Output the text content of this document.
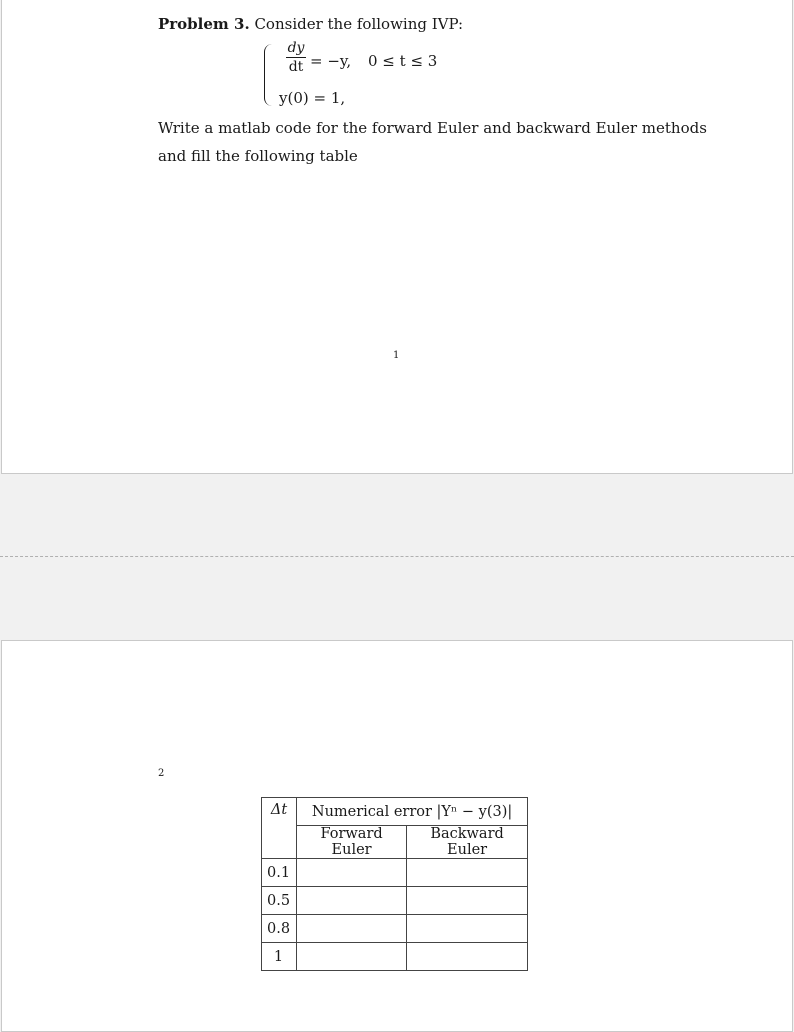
Problem 3. Consider the following IVP:
dy
dt = −y, 0 ≤ t ≤ 3
y(0) = 1,
Write a matlab code for the forward Euler and backward Euler methods
and fill the following table
1
2
Δt	Numerical error |Yⁿ − y(3)|	
	Forward Euler	Backward Euler
0.1		
0.5		
0.8		
1		
